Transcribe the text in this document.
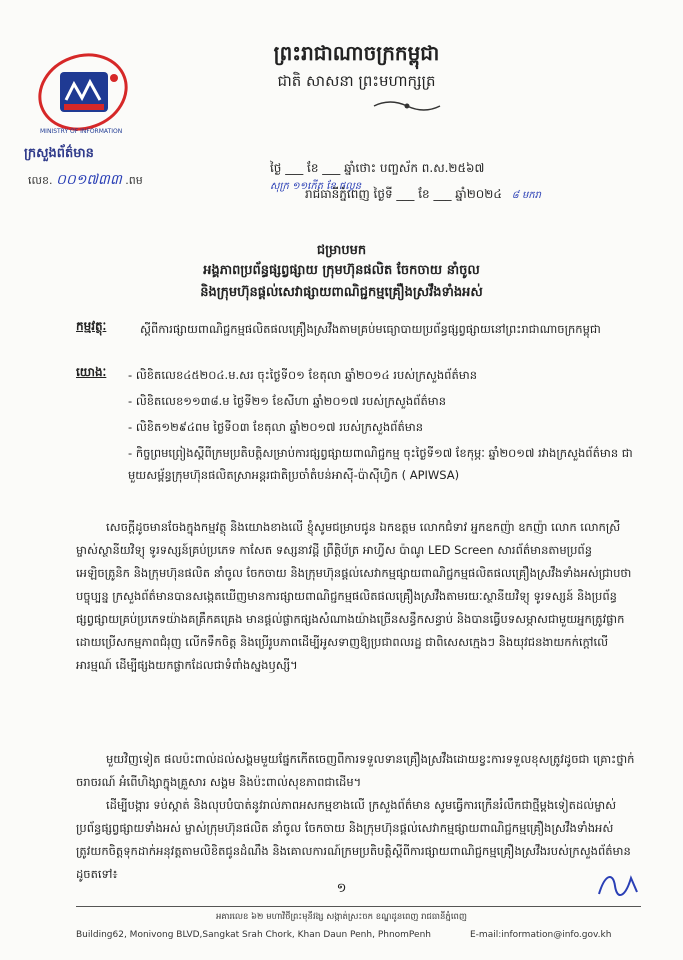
MINISTRY OF INFORMATION
ក្រសួងព័ត៌មាន
ព្រះរាជាណាចក្រកម្ពុជា
ជាតិ សាសនា ព្រះមហាក្សត្រ
លេខ. ០០១៧៣៣ .ពម
ថ្ងៃ ___ ខែ ___ ឆ្នាំថោះ បញ្ចស័ក ព.ស.២៥៦៧
សុក្រ ១១កើត ខែ ផល្គុន
រាជធានីភ្នំពេញ ថ្ងៃទី ___ ខែ ___ ឆ្នាំ២០២៤ ៨ មករា
ជម្រាបមក
អង្គភាពប្រព័ន្ធផ្សព្វផ្សាយ ក្រុមហ៊ុនផលិត ចែកចាយ នាំចូល
និងក្រុមហ៊ុនផ្តល់សេវាផ្សាយពាណិជ្ជកម្មគ្រឿងស្រវឹងទាំងអស់
កម្មវត្ថុៈ	ស្តីពីការផ្សាយពាណិជ្ជកម្មផលិតផលគ្រឿងស្រវឹងតាមគ្រប់មធ្យោបាយប្រព័ន្ធផ្សព្វផ្សាយនៅព្រះរាជាណាចក្រកម្ពុជា
យោងៈ
-	លិខិតលេខ៤៥២០៤.ម.សរ ចុះថ្ងៃទី០១ ខែតុលា ឆ្នាំ២០១៤ របស់ក្រសួងព័ត៌មាន
- លិខិតលេខ១១៣៨.ម ថ្ងៃទី២១ ខែសីហា ឆ្នាំ២០១៧ របស់ក្រសួងព័ត៌មាន
- លិខិត១២៩៤ពម ថ្ងៃទី០៣ ខែតុលា ឆ្នាំ២០១៧ របស់ក្រសួងព័ត៌មាន
- កិច្ចព្រមព្រៀងស្តីពីក្រមប្រតិបត្តិសម្រាប់ការផ្សព្វផ្សាយពាណិជ្ជកម្ម ចុះថ្ងៃទី១៧ ខែកុម្ភៈ ឆ្នាំ២០១៧ រវាងក្រសួងព័ត៌មាន ជាមួយសម្ព័ន្ធក្រុមហ៊ុនផលិតស្រាអន្តរជាតិប្រចាំតំបន់អាស៊ី-ប៉ាស៊ីហ្វិក ( APIWSA)
សេចក្តីដូចមានចែងក្នុងកម្មវត្ថុ និងយោងខាងលើ ខ្ញុំសូមជម្រាបជូន ឯកឧត្តម លោកជំទាវ អ្នកឧកញ៉ា ឧកញ៉ា លោក លោកស្រី ម្ចាស់ស្ថានីយវិទ្យុ ទូរទស្សន៍គ្រប់ប្រភេទ កាសែត ទស្សនាវដ្តី ព្រឹត្តិប័ត្រ អាហ្វីស ប៉ាណូ LED Screen សារព័ត៌មានតាមប្រព័ន្ធអេឡិចត្រូនិក និងក្រុមហ៊ុនផលិត នាំចូល ចែកចាយ និងក្រុមហ៊ុនផ្តល់សេវាកម្មផ្សាយពាណិជ្ជកម្មផលិតផលគ្រឿងស្រវឹងទាំងអស់ជ្រាបថា បច្ចុប្បន្ន ក្រសួងព័ត៌មានបានសង្កេតឃើញមានការផ្សាយពាណិជ្ជកម្មផលិតផលគ្រឿងស្រវឹងតាមរយៈស្ថានីយវិទ្យុ ទូរទស្សន៍ និងប្រព័ន្ធផ្សព្វផ្សាយគ្រប់ប្រភេទយ៉ាងគគ្រឹកគគ្រេង មានផ្តល់ផ្លាកផ្សងសំណាងយ៉ាងច្រើនសន្ធឹកសន្ធាប់ និងបានធ្វើបទសម្ភាសជាមួយអ្នកត្រូវផ្លាកដោយប្រើសកម្មភាពជំរុញ លើកទឹកចិត្ត និងប្រើរូបភាពដើម្បីអូសទាញឱ្យប្រជាពលរដ្ឋ ជាពិសេសក្មេងៗ និងយុវជនងាយកក់ក្តៅលើអារម្មណ៍ ដើម្បីផ្សងយកផ្លាកដែលជាទំពាំងស្នងឫស្សី។
មួយវិញទៀត ផលប៉ះពាល់ដល់សង្គមមួយផ្នែកកើតចេញពីការទទួលទានគ្រឿងស្រវឹងដោយខ្វះការទទួលខុសត្រូវដូចជា គ្រោះថ្នាក់ចរាចរណ៍ អំពើហិង្សាក្នុងគ្រួសារ សង្គម និងប៉ះពាល់សុខភាពជាដើម។
ដើម្បីបង្ការ ទប់ស្កាត់ និងលុបបំបាត់នូវរាល់ភាពអសកម្មខាងលើ ក្រសួងព័ត៌មាន សូមធ្វើការក្រើនរំលឹកជាថ្មីម្តងទៀតដល់ម្ចាស់ប្រព័ន្ធផ្សព្វផ្សាយទាំងអស់ ម្ចាស់ក្រុមហ៊ុនផលិត នាំចូល ចែកចាយ និងក្រុមហ៊ុនផ្តល់សេវាកម្មផ្សាយពាណិជ្ជកម្មគ្រឿងស្រវឹងទាំងអស់ ត្រូវយកចិត្តទុកដាក់អនុវត្តតាមលិខិតជូនដំណឹង និងគោលការណ៍ក្រមប្រតិបត្តិស្តីពីការផ្សាយពាណិជ្ជកម្មគ្រឿងស្រវឹងរបស់ក្រសួងព័ត៌មានដូចតទៅ៖
១
អគារលេខ ៦២ មហាវិថីព្រះមុនីវង្ស សង្កាត់ស្រះចក ខណ្ឌដូនពេញ រាជធានីភ្នំពេញ
Building62, Monivong BLVD,Sangkat Srah Chork, Khan Daun Penh, PhnomPenh	E-mail:information@info.gov.kh
